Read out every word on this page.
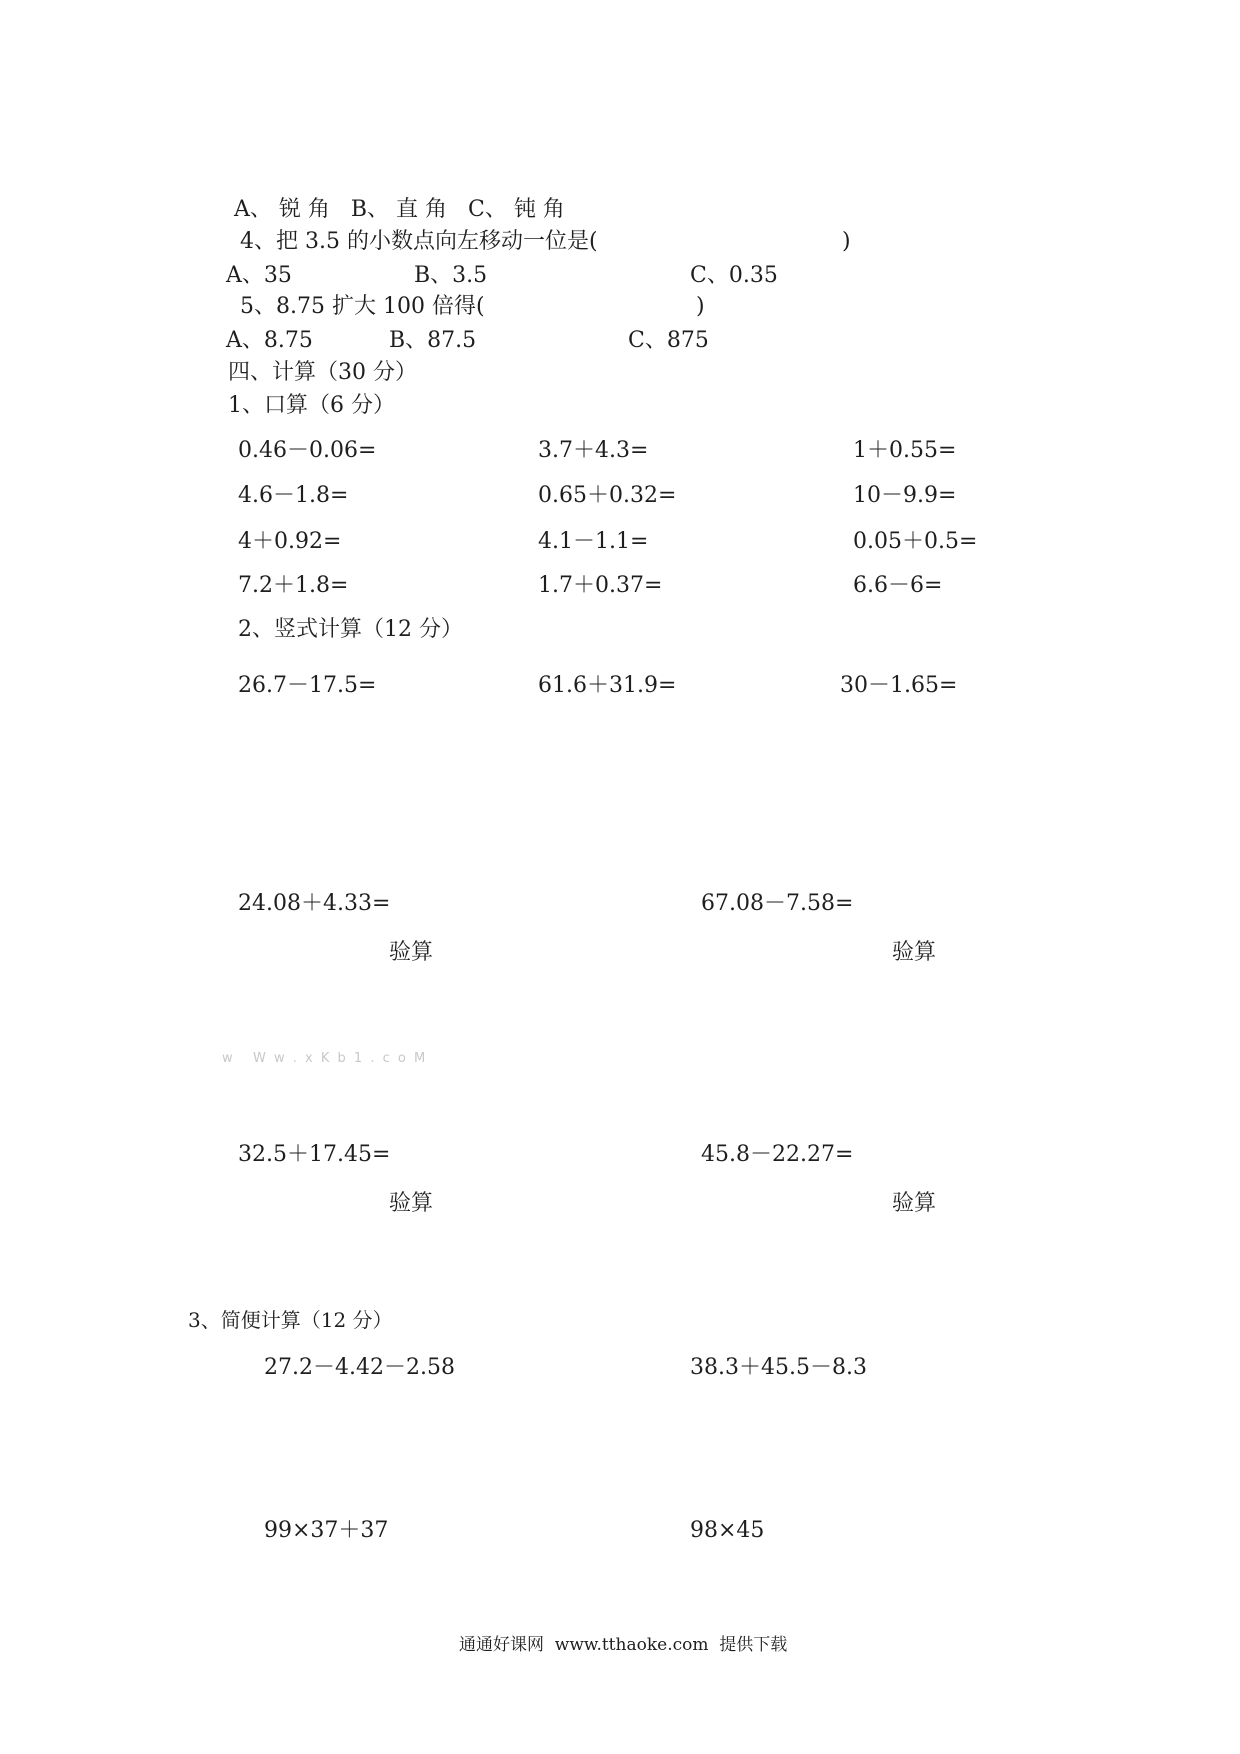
A、 锐 角   B、 直 角   C、 钝 角
4、把 3.5 的小数点向左移动一位是(	)
A、35	B、3.5	C、0.35
5、8.75 扩大 100 倍得(	)
A、8.75	B、87.5	C、875
四、计算（30 分）
1、口算（6 分）
0.46－0.06=	3.7＋4.3=	1＋0.55=
4.6－1.8=	0.65＋0.32=	10－9.9=
4＋0.92=	4.1－1.1=	0.05＋0.5=
7.2＋1.8=	1.7＋0.37=	6.6－6=
2、竖式计算（12 分）
26.7－17.5=	61.6＋31.9=	30－1.65=
24.08＋4.33=	67.08－7.58=
验算	验算
w   W w . x K b 1 . c o M
32.5＋17.45=	45.8－22.27=
验算	验算
3、简便计算（12 分）
27.2－4.42－2.58	38.3＋45.5－8.3
99×37＋37	98×45
通通好课网  www.tthaoke.com  提供下载
